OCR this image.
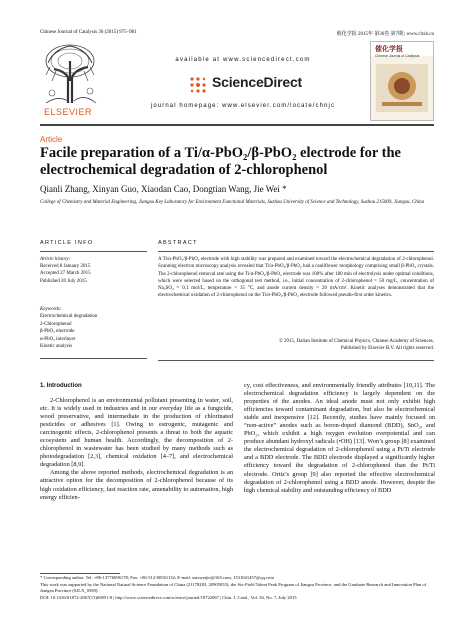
Chinese Journal of Catalysis 36 (2015) 975–981	催化学报 2015年 第36卷 第7期 | www.chxb.cn
ELSEVIER
available at www.sciencedirect.com
ScienceDirect
journal homepage: www.elsevier.com/locate/chnjc
催化学报
Chinese Journal of Catalysis
Article
Facile preparation of a Ti/α-PbO₂/β-PbO₂ electrode for the electrochemical degradation of 2-chlorophenol
Qianli Zhang, Xinyan Guo, Xiaodan Cao, Dongtian Wang, Jie Wei *
College of Chemistry and Material Engineering, Jiangsu Key Laboratory for Environment Functional Materials, Suzhou University of Science and Technology, Suzhou 215009, Jiangsu, China
ARTICLE INFO	ABSTRACT
Article history:
Received 8 January 2015
Accepted 27 March 2015
Published 20 July 2015
Keywords:
Electrochemical degradation
2-Chlorophenol
β-PbO₂ electrode
α-PbO₂ interlayer
Kinetic analysis
A Ti/α-PbO₂/β-PbO₂ electrode with high stability was prepared and examined toward the electrochemical degradation of 2-chlorophenol. Scanning electron microscopy analysis revealed that Ti/α-PbO₂/β-PbO₂ had a cauliflower morphology comprising small β-PbO₂ crystals. The 2-chlorophenol removal rate using the Ti/α-PbO₂/β-PbO₂ electrode was 100% after 180 min of electrolysis under optimal conditions, which were selected based on the orthogonal test method, i.e., initial concentration of 2-chlorophenol = 50 mg/L, concentration of Na₂SO₄ = 0.1 mol/L, temperature = 35 °C, and anode current density = 20 mA/cm². Kinetic analyses demonstrated that the electrochemical oxidation of 2-chlorophenol on the Ti/α-PbO₂/β-PbO₂ electrode followed pseudo-first order kinetics.
© 2015, Dalian Institute of Chemical Physics, Chinese Academy of Sciences.
Published by Elsevier B.V. All rights reserved.
1. Introduction

2-Chlorophenol is an environmental pollutant presenting in water, soil, etc. It is widely used in industries and in our everyday life as a fungicide, wood preservative, and intermediate in the production of chlorinated pesticides or adhesives [1]. Owing to estrogenic, mutagenic and carcinogenic effects, 2-chlorophenol presents a threat to both the aquatic ecosystem and human health. Accordingly, the decomposition of 2-chlorophenol in wastewater has been studied by many methods such as photodegradation [2,3], chemical oxidation [4–7], and electrochemical degradation [8,9].

Among the above reported methods, electrochemical degradation is an attractive option for the decomposition of 2-chlorophenol because of its high oxidation efficiency, fast reaction rate, amenability to automation, high energy efficien-

cy, cost effectiveness, and environmentally friendly attributes [10,11]. The electrochemical degradation efficiency is largely dependent on the properties of the anodes. An ideal anode must not only exhibit high efficiencies toward contaminant degradation, but also be electrochemical stable and inexpensive [12]. Recently, studies have mainly focused on “non-active” anodes such as boron-doped diamond (BDD), SnO₂, and PbO₂, which exhibit a high oxygen evolution overpotential and can produce abundant hydroxyl radicals (•OH) [13]. Won’s group [8] examined the electrochemical degradation of 2-chlorophenol using a Pt/Ti electrode and a BDD electrode. The BDD electrode displayed a significantly higher efficiency toward the degradation of 2-chlorophenol than the Pt/Ti electrode. Ortiz’s group [9] also reported the effective electrochemical degradation of 2-chlorophenol using a BDD anode. However, despite the high chemical stability and outstanding efficiency of BDD

* Corresponding author. Tel: +86-13776096178; Fax: +86-512-80561132; E-mail: ustsweijie@163.com, 1531041457@qq.com
This work was supported by the National Natural Science Foundation of China (21178283, 20905055), the Six-Field Talent Peak Program of Jiangsu Province, and the Graduate Research and Innovation Plan of Jiangsu Province (SJLX_0580).
DOI: 10.1016/S1872-2067(15)60851-8 | http://www.sciencedirect.com/science/journal/18722067 | Chin. J. Catal., Vol. 36, No. 7, July 2015
